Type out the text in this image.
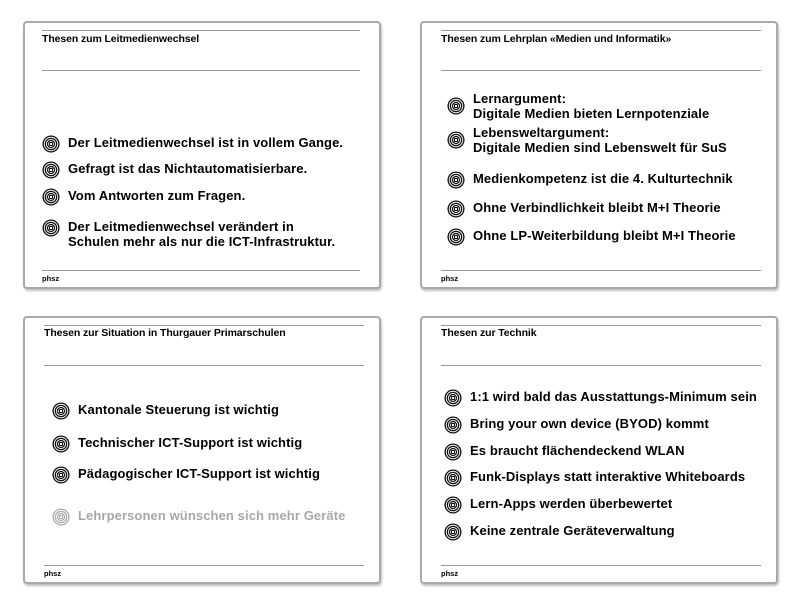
Thesen zum Leitmedienwechsel
Der Leitmedienwechsel ist in vollem Gange.
Gefragt ist das Nichtautomatisierbare.
Vom Antworten zum Fragen.
Der Leitmedienwechsel verändert in
Schulen mehr als nur die ICT-Infrastruktur.
phsz
Thesen zum Lehrplan «Medien und Informatik»
Lernargument:
Digitale Medien bieten Lernpotenziale
Lebensweltargument:
Digitale Medien sind Lebenswelt für SuS
Medienkompetenz ist die 4. Kulturtechnik
Ohne Verbindlichkeit bleibt M+I Theorie
Ohne LP-Weiterbildung bleibt M+I Theorie
phsz
Thesen zur Situation in Thurgauer Primarschulen
Kantonale Steuerung ist wichtig
Technischer ICT-Support ist wichtig
Pädagogischer ICT-Support ist wichtig
Lehrpersonen wünschen sich mehr Geräte
phsz
Thesen zur Technik
1:1 wird bald das Ausstattungs-Minimum sein
Bring your own device (BYOD) kommt
Es braucht flächendeckend WLAN
Funk-Displays statt interaktive Whiteboards
Lern-Apps werden überbewertet
Keine zentrale Geräteverwaltung
phsz
